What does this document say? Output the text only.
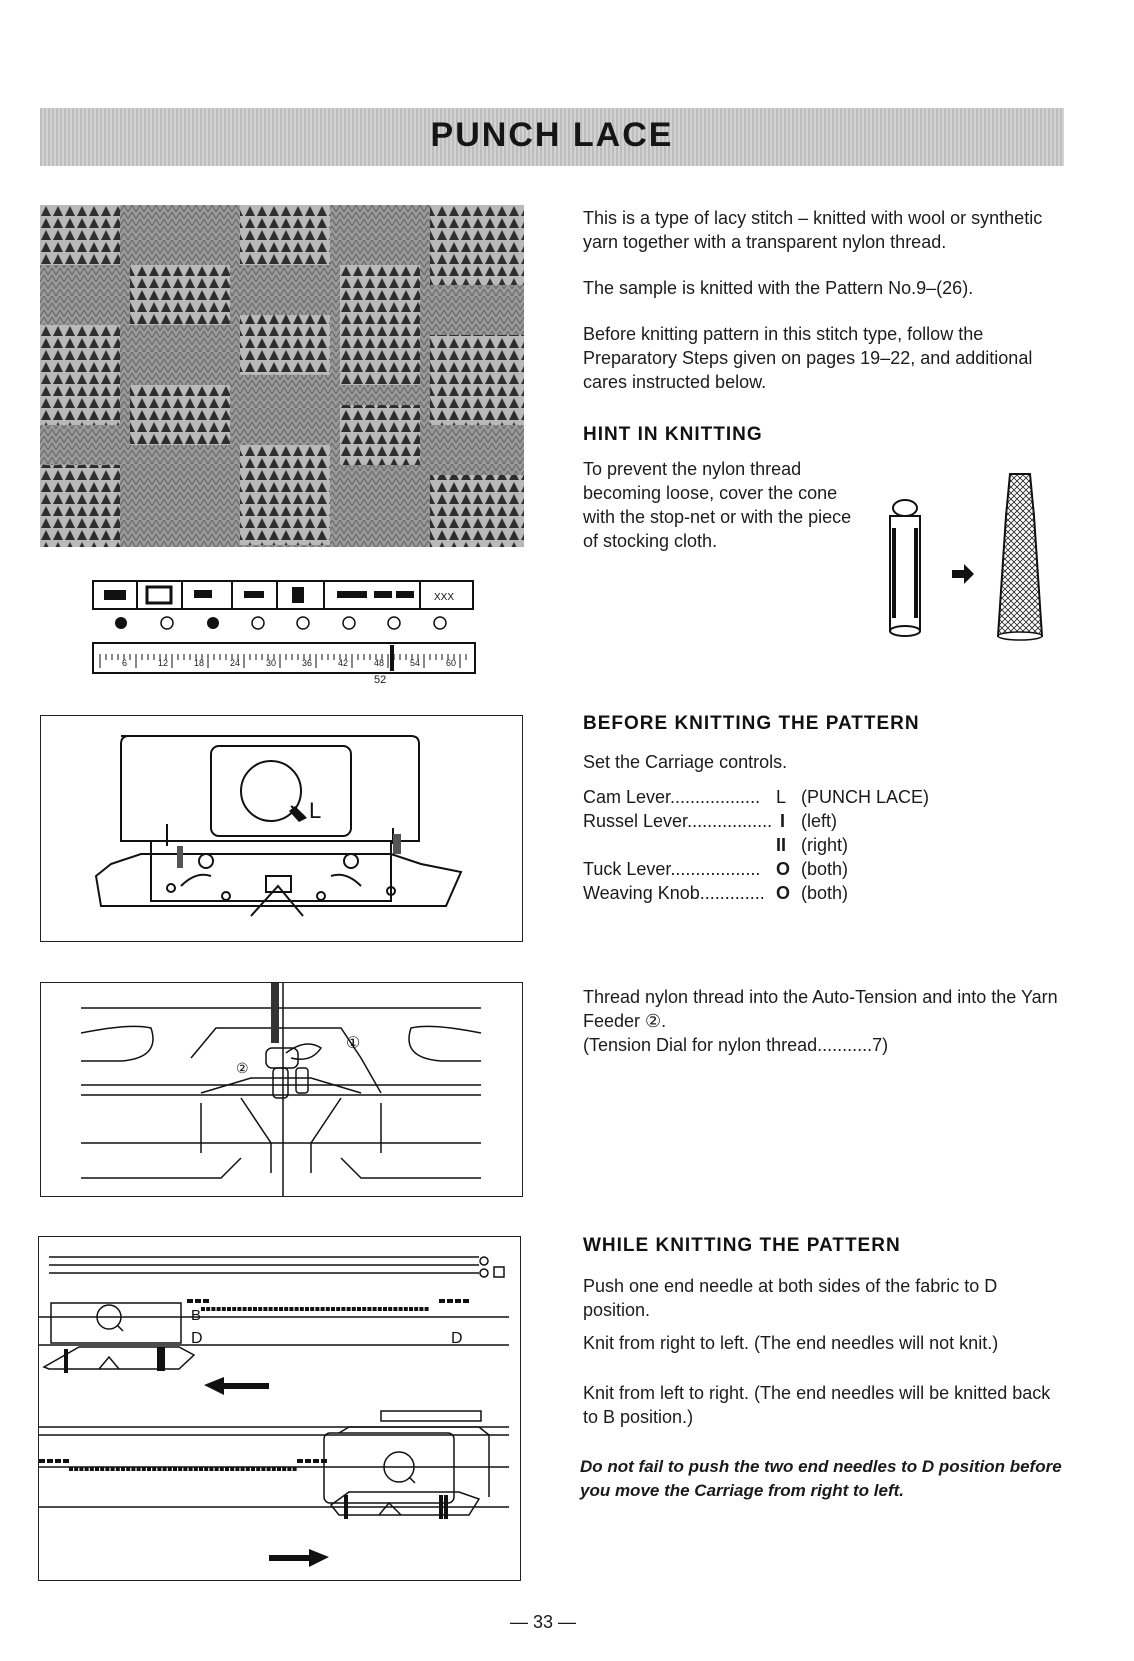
PUNCH LACE
XXX
6	12	18	24	30	36	42	48	54	60
52

This is a type of lacy stitch – knitted with wool or synthetic yarn together with a transparent nylon thread.

The sample is knitted with the Pattern No.9–(26).

Before knitting pattern in this stitch type, follow the Preparatory Steps given on pages 19–22, and additional cares instructed below.

HINT IN KNITTING

To prevent the nylon thread becoming loose, cover the cone with the stop-net or with the piece of stocking cloth.

BEFORE KNITTING THE PATTERN

Set the Carriage controls.

Cam Lever.................. L (PUNCH LACE)
Russel Lever................. I (left)
II (right)
Tuck Lever.................. O (both)
Weaving Knob............. O (both)
L

Thread nylon thread into the Auto-Tension and into the Yarn Feeder ②.

(Tension Dial for nylon thread...........7)

①
②
WHILE KNITTING THE PATTERN

Push one end needle at both sides of the fabric to D position.

Knit from right to left. (The end needles will not knit.)

Knit from left to right. (The end needles will be knitted back to B position.)

Do not fail to push the two end needles to D position before you move the Carriage from right to left.

B
D	D
— 33 —
